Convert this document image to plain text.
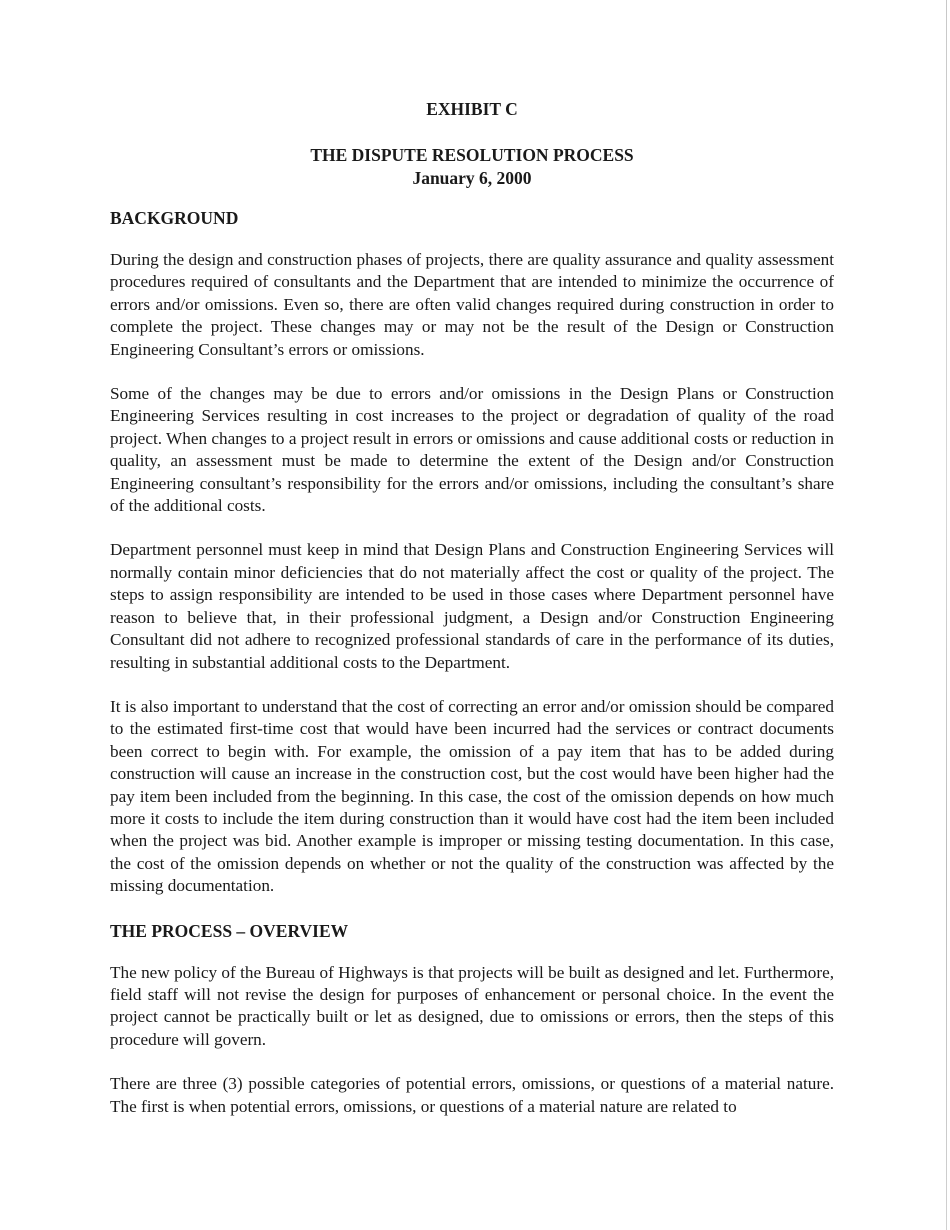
EXHIBIT C
THE DISPUTE RESOLUTION PROCESS
January 6, 2000
BACKGROUND

During the design and construction phases of projects, there are quality assurance and quality assessment procedures required of consultants and the Department that are intended to minimize the occurrence of errors and/or omissions. Even so, there are often valid changes required during construction in order to complete the project. These changes may or may not be the result of the Design or Construction Engineering Consultant’s errors or omissions.

Some of the changes may be due to errors and/or omissions in the Design Plans or Construction Engineering Services resulting in cost increases to the project or degradation of quality of the road project. When changes to a project result in errors or omissions and cause additional costs or reduction in quality, an assessment must be made to determine the extent of the Design and/or Construction Engineering consultant’s responsibility for the errors and/or omissions, including the consultant’s share of the additional costs.

Department personnel must keep in mind that Design Plans and Construction Engineering Services will normally contain minor deficiencies that do not materially affect the cost or quality of the project. The steps to assign responsibility are intended to be used in those cases where Department personnel have reason to believe that, in their professional judgment, a Design and/or Construction Engineering Consultant did not adhere to recognized professional standards of care in the performance of its duties, resulting in substantial additional costs to the Department.

It is also important to understand that the cost of correcting an error and/or omission should be compared to the estimated first-time cost that would have been incurred had the services or contract documents been correct to begin with. For example, the omission of a pay item that has to be added during construction will cause an increase in the construction cost, but the cost would have been higher had the pay item been included from the beginning. In this case, the cost of the omission depends on how much more it costs to include the item during construction than it would have cost had the item been included when the project was bid. Another example is improper or missing testing documentation. In this case, the cost of the omission depends on whether or not the quality of the construction was affected by the missing documentation.

THE PROCESS – OVERVIEW

The new policy of the Bureau of Highways is that projects will be built as designed and let. Furthermore, field staff will not revise the design for purposes of enhancement or personal choice. In the event the project cannot be practically built or let as designed, due to omissions or errors, then the steps of this procedure will govern.

There are three (3) possible categories of potential errors, omissions, or questions of a material nature. The first is when potential errors, omissions, or questions of a material nature are related to
